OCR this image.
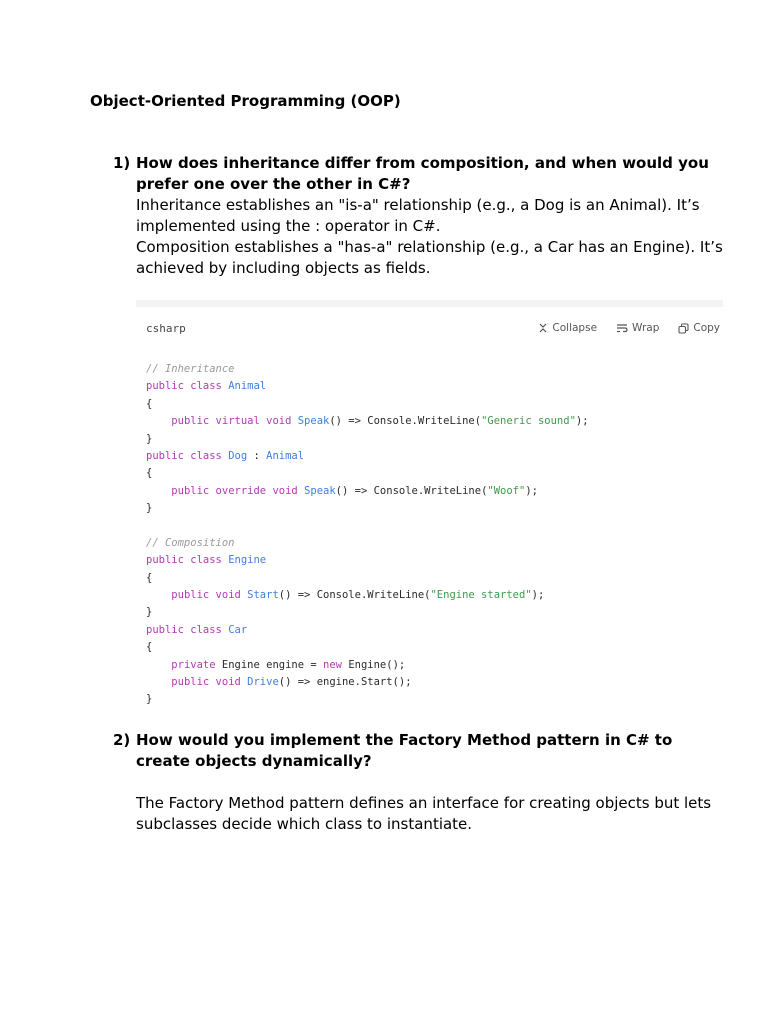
Object-Oriented Programming (OOP)
1) How does inheritance differ from composition, and when would you prefer one over the other in C#?

Inheritance establishes an "is-a" relationship (e.g., a Dog is an Animal). It’s implemented using the : operator in C#.

Composition establishes a "has-a" relationship (e.g., a Car has an Engine). It’s achieved by including objects as fields.

csharp	Collapse	Wrap	Copy
// Inheritance
public class Animal
{
public virtual void Speak() => Console.WriteLine("Generic sound");
}
public class Dog : Animal
{
public override void Speak() => Console.WriteLine("Woof");
}

// Composition
public class Engine
{
public void Start() => Console.WriteLine("Engine started");
}
public class Car
{
private Engine engine = new Engine();
public void Drive() => engine.Start();
}
2) How would you implement the Factory Method pattern in C# to create objects dynamically?

The Factory Method pattern defines an interface for creating objects but lets subclasses decide which class to instantiate.
